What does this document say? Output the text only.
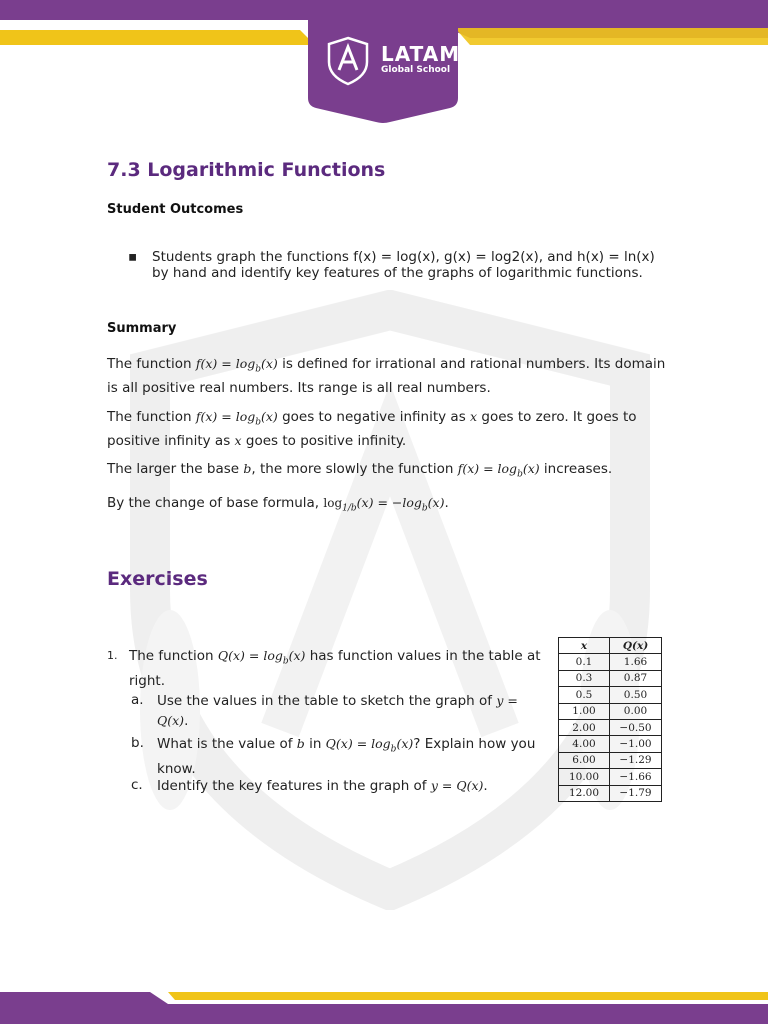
LATAM
Global School
7.3 Logarithmic Functions

Student Outcomes

▪ Students graph the functions f(x) = log(x), g(x) = log2(x), and h(x) = ln(x) by hand and identify key features of the graphs of logarithmic functions.

Summary

The function $f(x) = \log_b(x)$ is defined for irrational and rational numbers. Its domain is all positive real numbers. Its range is all real numbers.

The function $f(x) = \log_b(x)$ goes to negative infinity as x goes to zero. It goes to positive infinity as x goes to positive infinity.

The larger the base b, the more slowly the function $f(x) = \log_b(x)$ increases.

By the change of base formula, $\log_{1/b}(x) = -\log_b(x)$.

Exercises
1. The function $Q(x) = \log_b(x)$ has function values in the table at right.
a. Use the values in the table to sketch the graph of y = Q(x).
b. What is the value of b in $Q(x) = \log_b(x)$? Explain how you know.
c. Identify the key features in the graph of y = Q(x).
x	Q(x)
0.1	1.66
0.3	0.87
0.5	0.50
1.00	0.00
2.00	−0.50
4.00	−1.00
6.00	−1.29
10.00	−1.66
12.00	−1.79
